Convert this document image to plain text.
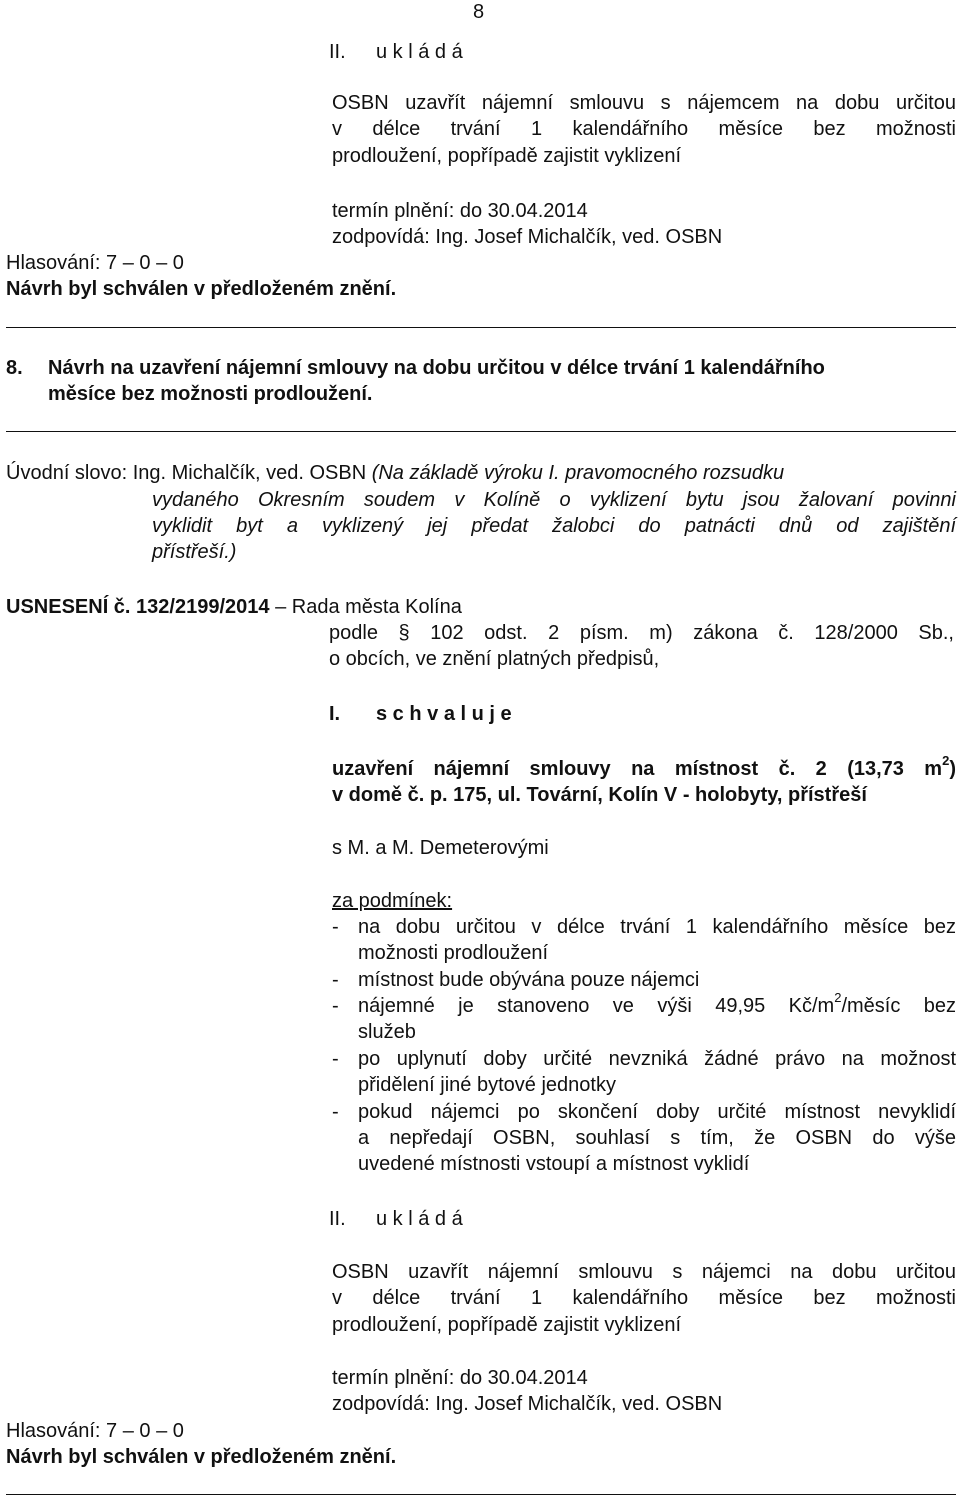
8
II. u k l á d á
OSBN uzavřít nájemní smlouvu s nájemcem na dobu určitou
v délce trvání 1 kalendářního měsíce bez možnosti
prodloužení, popřípadě zajistit vyklizení
termín plnění: do 30.04.2014
zodpovídá: Ing. Josef Michalčík, ved. OSBN
Hlasování: 7 – 0 – 0
Návrh byl schválen v předloženém znění.
8. Návrh na uzavření nájemní smlouvy na dobu určitou v délce trvání 1 kalendářního
měsíce bez možnosti prodloužení.
Úvodní slovo: Ing. Michalčík, ved. OSBN (Na základě výroku I. pravomocného rozsudku
vydaného Okresním soudem v Kolíně o vyklizení bytu jsou žalovaní povinni
vyklidit byt a vyklizený jej předat žalobci do patnácti dnů od zajištění
přístřeší.)
USNESENÍ č. 132/2199/2014 – Rada města Kolína
podle § 102 odst. 2 písm. m) zákona č. 128/2000 Sb.,
o obcích, ve znění platných předpisů,
I. s c h v a l u j e
uzavření nájemní smlouvy na místnost č. 2 (13,73 $m^2$)
v domě č. p. 175, ul. Tovární, Kolín V - holobyty, přístřeší
s M. a M. Demeterovými
za podmínek:
- na dobu určitou v délce trvání 1 kalendářního měsíce bez
možnosti prodloužení
- místnost bude obývána pouze nájemci
- nájemné je stanoveno ve výši 49,95 $Kč/m^2$/měsíc bez
služeb
- po uplynutí doby určité nevzniká žádné právo na možnost
přidělení jiné bytové jednotky
- pokud nájemci po skončení doby určité místnost nevyklidí
a nepředají OSBN, souhlasí s tím, že OSBN do výše
uvedené místnosti vstoupí a místnost vyklidí
II. u k l á d á
OSBN uzavřít nájemní smlouvu s nájemci na dobu určitou
v délce trvání 1 kalendářního měsíce bez možnosti
prodloužení, popřípadě zajistit vyklizení
termín plnění: do 30.04.2014
zodpovídá: Ing. Josef Michalčík, ved. OSBN
Hlasování: 7 – 0 – 0
Návrh byl schválen v předloženém znění.
